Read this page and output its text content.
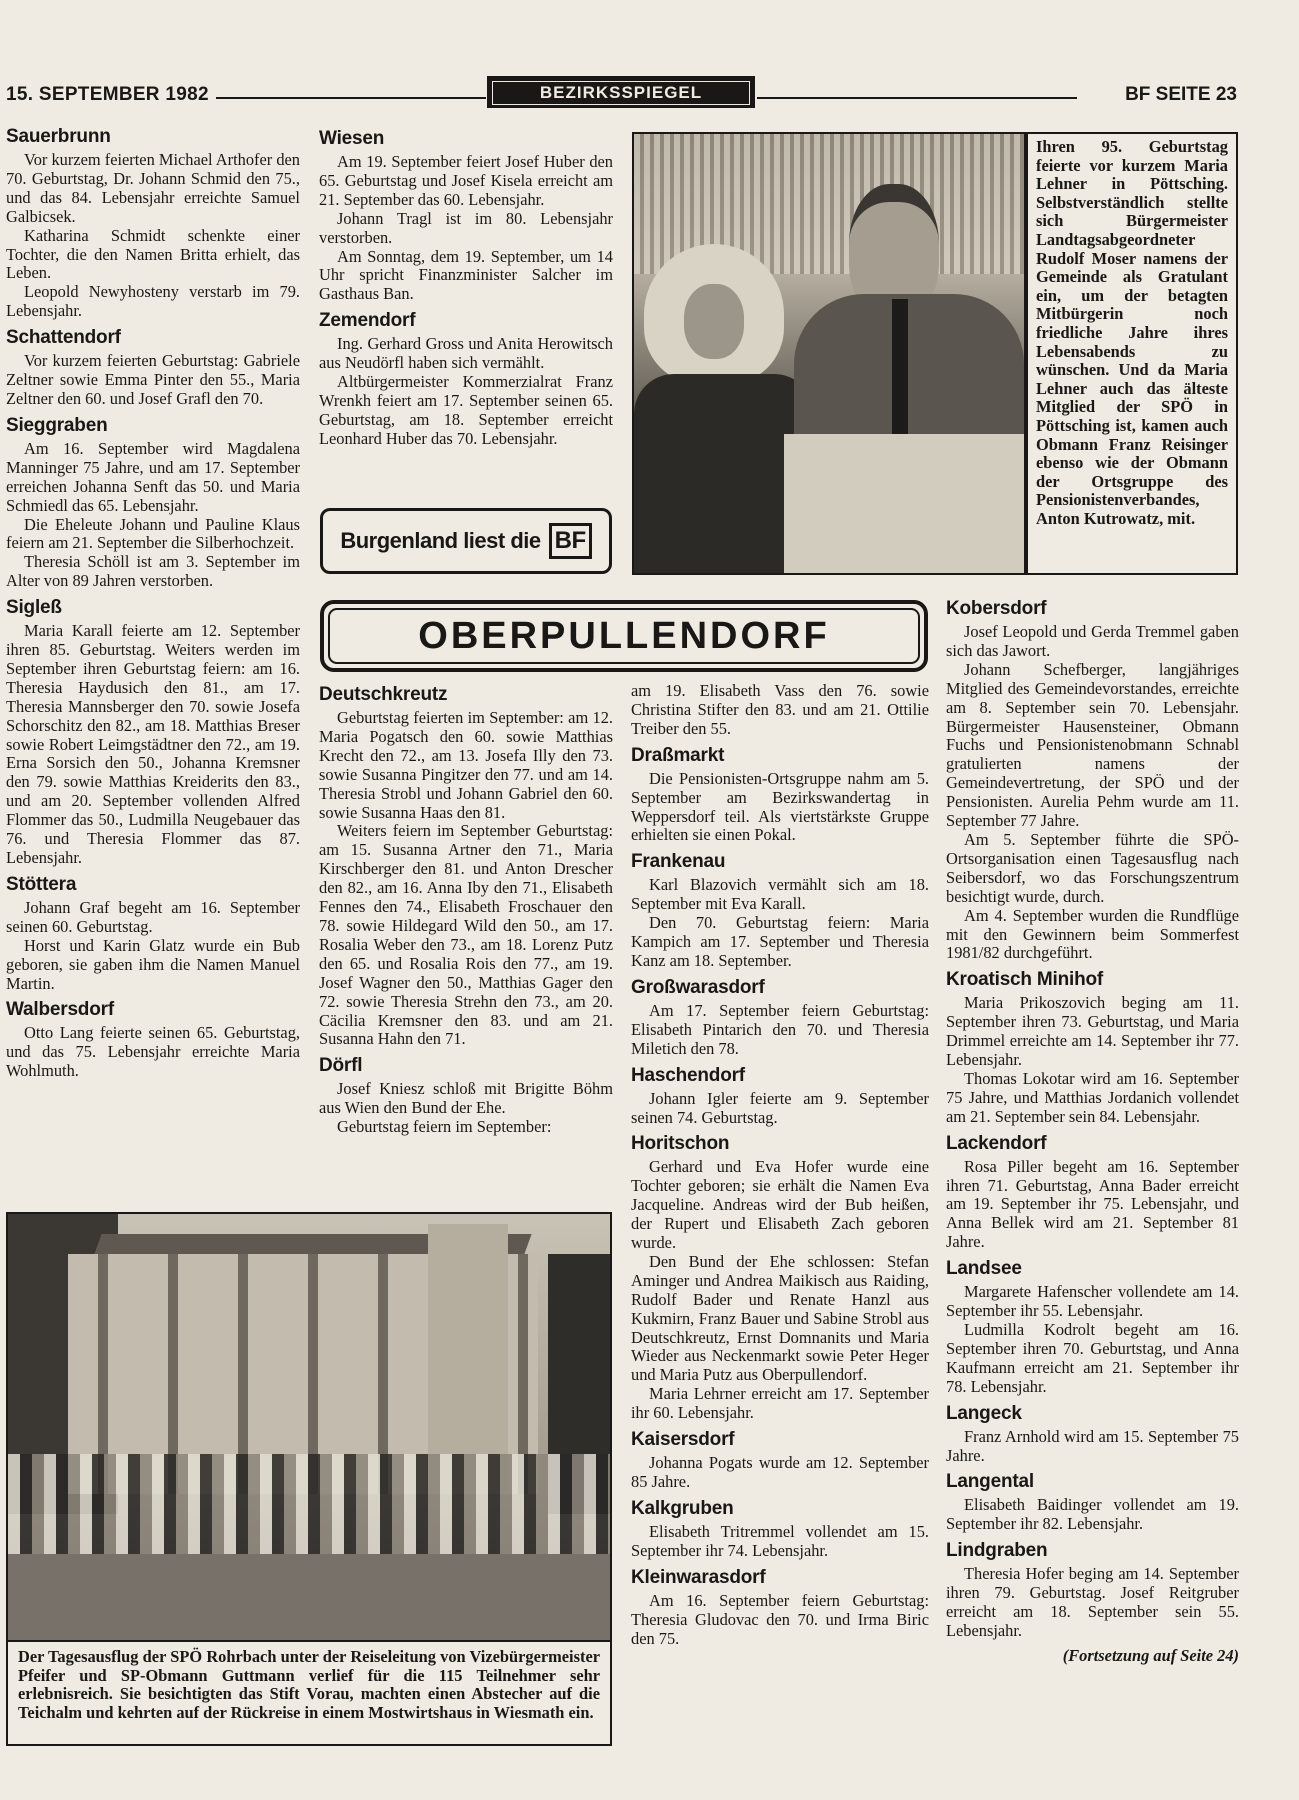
15. SEPTEMBER 1982	BEZIRKSSPIEGEL	BF SEITE 23
Sauerbrunn

Vor kurzem feierten Michael Arthofer den 70. Geburtstag, Dr. Johann Schmid den 75., und das 84. Lebensjahr erreichte Samuel Galbicsek.

Katharina Schmidt schenkte einer Tochter, die den Namen Britta erhielt, das Leben.

Leopold Newyhosteny verstarb im 79. Lebensjahr.

Schattendorf

Vor kurzem feierten Geburtstag: Gabriele Zeltner sowie Emma Pinter den 55., Maria Zeltner den 60. und Josef Grafl den 70.

Sieggraben

Am 16. September wird Magdalena Manninger 75 Jahre, und am 17. September erreichen Johanna Senft das 50. und Maria Schmiedl das 65. Lebensjahr.

Die Eheleute Johann und Pauline Klaus feiern am 21. September die Silberhochzeit.

Theresia Schöll ist am 3. September im Alter von 89 Jahren verstorben.

Sigleß

Maria Karall feierte am 12. September ihren 85. Geburtstag. Weiters werden im September ihren Geburtstag feiern: am 16. Theresia Haydusich den 81., am 17. Theresia Mannsberger den 70. sowie Josefa Schorschitz den 82., am 18. Matthias Breser sowie Robert Leimgstädtner den 72., am 19. Erna Sorsich den 50., Johanna Kremsner den 79. sowie Matthias Kreiderits den 83., und am 20. September vollenden Alfred Flommer das 50., Ludmilla Neugebauer das 76. und Theresia Flommer das 87. Lebensjahr.

Stöttera

Johann Graf begeht am 16. September seinen 60. Geburtstag.

Horst und Karin Glatz wurde ein Bub geboren, sie gaben ihm die Namen Manuel Martin.

Walbersdorf

Otto Lang feierte seinen 65. Geburtstag, und das 75. Lebensjahr erreichte Maria Wohlmuth.

Wiesen

Am 19. September feiert Josef Huber den 65. Geburtstag und Josef Kisela erreicht am 21. September das 60. Lebensjahr.

Johann Tragl ist im 80. Lebensjahr verstorben.

Am Sonntag, dem 19. September, um 14 Uhr spricht Finanzminister Salcher im Gasthaus Ban.

Zemendorf

Ing. Gerhard Gross und Anita Herowitsch aus Neudörfl haben sich vermählt.

Altbürgermeister Kommerzialrat Franz Wrenkh feiert am 17. September seinen 65. Geburtstag, am 18. September erreicht Leonhard Huber das 70. Lebensjahr.

Deutschkreutz

Geburtstag feierten im September: am 12. Maria Pogatsch den 60. sowie Matthias Krecht den 72., am 13. Josefa Illy den 73. sowie Susanna Pingitzer den 77. und am 14. Theresia Strobl und Johann Gabriel den 60. sowie Susanna Haas den 81.

Weiters feiern im September Geburtstag: am 15. Susanna Artner den 71., Maria Kirschberger den 81. und Anton Drescher den 82., am 16. Anna Iby den 71., Elisabeth Fennes den 74., Elisabeth Froschauer den 78. sowie Hildegard Wild den 50., am 17. Rosalia Weber den 73., am 18. Lorenz Putz den 65. und Rosalia Rois den 77., am 19. Josef Wagner den 50., Matthias Gager den 72. sowie Theresia Strehn den 73., am 20. Cäcilia Kremsner den 83. und am 21. Susanna Hahn den 71.

Dörfl

Josef Kniesz schloß mit Brigitte Böhm aus Wien den Bund der Ehe.

Geburtstag feiern im September:

am 19. Elisabeth Vass den 76. sowie Christina Stifter den 83. und am 21. Ottilie Treiber den 55.

Draßmarkt

Die Pensionisten-Ortsgruppe nahm am 5. September am Bezirkswandertag in Weppersdorf teil. Als viertstärkste Gruppe erhielten sie einen Pokal.

Frankenau

Karl Blazovich vermählt sich am 18. September mit Eva Karall.

Den 70. Geburtstag feiern: Maria Kampich am 17. September und Theresia Kanz am 18. September.

Großwarasdorf

Am 17. September feiern Geburtstag: Elisabeth Pintarich den 70. und Theresia Miletich den 78.

Haschendorf

Johann Igler feierte am 9. September seinen 74. Geburtstag.

Horitschon

Gerhard und Eva Hofer wurde eine Tochter geboren; sie erhält die Namen Eva Jacqueline. Andreas wird der Bub heißen, der Rupert und Elisabeth Zach geboren wurde.

Den Bund der Ehe schlossen: Stefan Aminger und Andrea Maikisch aus Raiding, Rudolf Bader und Renate Hanzl aus Kukmirn, Franz Bauer und Sabine Strobl aus Deutschkreutz, Ernst Domnanits und Maria Wieder aus Neckenmarkt sowie Peter Heger und Maria Putz aus Oberpullendorf.

Maria Lehrner erreicht am 17. September ihr 60. Lebensjahr.

Kaisersdorf

Johanna Pogats wurde am 12. September 85 Jahre.

Kalkgruben

Elisabeth Tritremmel vollendet am 15. September ihr 74. Lebensjahr.

Kleinwarasdorf

Am 16. September feiern Geburtstag: Theresia Gludovac den 70. und Irma Biric den 75.

Kobersdorf

Josef Leopold und Gerda Tremmel gaben sich das Jawort.

Johann Schefberger, langjähriges Mitglied des Gemeindevorstandes, erreichte am 8. September sein 70. Lebensjahr. Bürgermeister Hausensteiner, Obmann Fuchs und Pensionistenobmann Schnabl gratulierten namens der Gemeindevertretung, der SPÖ und der Pensionisten. Aurelia Pehm wurde am 11. September 77 Jahre.

Am 5. September führte die SPÖ-Ortsorganisation einen Tagesausflug nach Seibersdorf, wo das Forschungszentrum besichtigt wurde, durch.

Am 4. September wurden die Rundflüge mit den Gewinnern beim Sommerfest 1981/82 durchgeführt.

Kroatisch Minihof

Maria Prikoszovich beging am 11. September ihren 73. Geburtstag, und Maria Drimmel erreichte am 14. September ihr 77. Lebensjahr.

Thomas Lokotar wird am 16. September 75 Jahre, und Matthias Jordanich vollendet am 21. September sein 84. Lebensjahr.

Lackendorf

Rosa Piller begeht am 16. September ihren 71. Geburtstag, Anna Bader erreicht am 19. September ihr 75. Lebensjahr, und Anna Bellek wird am 21. September 81 Jahre.

Landsee

Margarete Hafenscher vollendete am 14. September ihr 55. Lebensjahr.

Ludmilla Kodrolt begeht am 16. September ihren 70. Geburtstag, und Anna Kaufmann erreicht am 21. September ihr 78. Lebensjahr.

Langeck

Franz Arnhold wird am 15. September 75 Jahre.

Langental

Elisabeth Baidinger vollendet am 19. September ihr 82. Lebensjahr.

Lindgraben

Theresia Hofer beging am 14. September ihren 79. Geburtstag. Josef Reitgruber erreicht am 18. September sein 55. Lebensjahr.

(Fortsetzung auf Seite 24)
Burgenland liest die BF
OBERPULLENDORF
Ihren 95. Geburtstag feierte vor kurzem Maria Lehner in Pöttsching. Selbstverständlich stellte sich Bürgermeister Landtagsabgeordneter Rudolf Moser namens der Gemeinde als Gratulant ein, um der betagten Mitbürgerin noch friedliche Jahre ihres Lebensabends zu wünschen. Und da Maria Lehner auch das älteste Mitglied der SPÖ in Pöttsching ist, kamen auch Obmann Franz Reisinger ebenso wie der Obmann der Ortsgruppe des Pensionistenverbandes, Anton Kutrowatz, mit.
Der Tagesausflug der SPÖ Rohrbach unter der Reiseleitung von Vizebürgermeister Pfeifer und SP-Obmann Guttmann verlief für die 115 Teilnehmer sehr erlebnisreich. Sie besichtigten das Stift Vorau, machten einen Abstecher auf die Teichalm und kehrten auf der Rückreise in einem Mostwirtshaus in Wiesmath ein.
